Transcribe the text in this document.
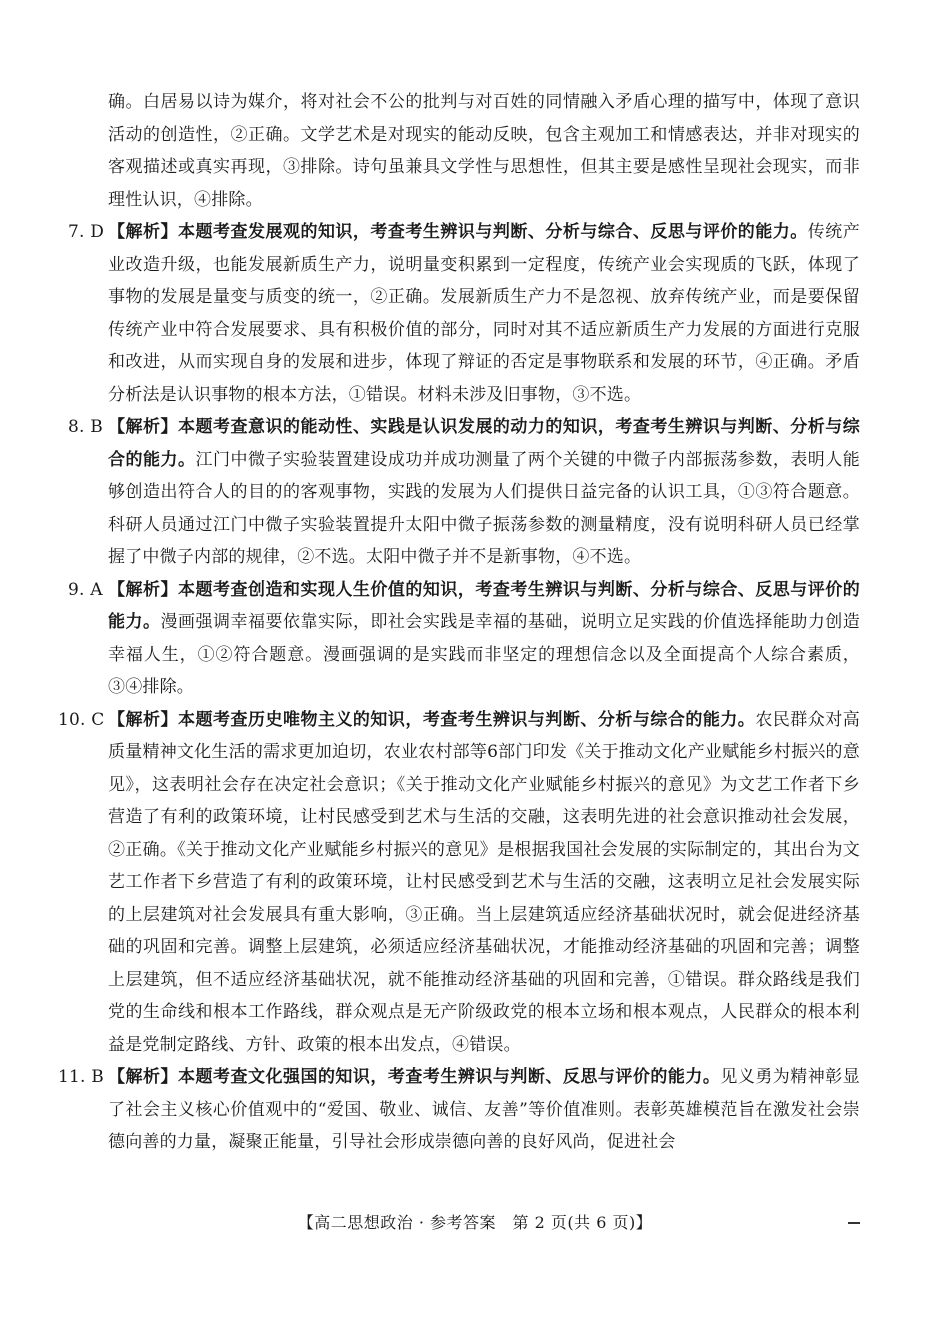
确。白居易以诗为媒介，将对社会不公的批判与对百姓的同情融入矛盾心理的描写中，体现了意识活动的创造性，②正确。文学艺术是对现实的能动反映，包含主观加工和情感表达，并非对现实的客观描述或真实再现，③排除。诗句虽兼具文学性与思想性，但其主要是感性呈现社会现实，而非理性认识，④排除。

7. D 【解析】本题考查发展观的知识，考查考生辨识与判断、分析与综合、反思与评价的能力。传统产业改造升级，也能发展新质生产力，说明量变积累到一定程度，传统产业会实现质的飞跃，体现了事物的发展是量变与质变的统一，②正确。发展新质生产力不是忽视、放弃传统产业，而是要保留传统产业中符合发展要求、具有积极价值的部分，同时对其不适应新质生产力发展的方面进行克服和改进，从而实现自身的发展和进步，体现了辩证的否定是事物联系和发展的环节，④正确。矛盾分析法是认识事物的根本方法，①错误。材料未涉及旧事物，③不选。

8. B 【解析】本题考查意识的能动性、实践是认识发展的动力的知识，考查考生辨识与判断、分析与综合的能力。江门中微子实验装置建设成功并成功测量了两个关键的中微子内部振荡参数，表明人能够创造出符合人的目的的客观事物，实践的发展为人们提供日益完备的认识工具，①③符合题意。科研人员通过江门中微子实验装置提升太阳中微子振荡参数的测量精度，没有说明科研人员已经掌握了中微子内部的规律，②不选。太阳中微子并不是新事物，④不选。

9. A 【解析】本题考查创造和实现人生价值的知识，考查考生辨识与判断、分析与综合、反思与评价的能力。漫画强调幸福要依靠实际，即社会实践是幸福的基础，说明立足实践的价值选择能助力创造幸福人生，①②符合题意。漫画强调的是实践而非坚定的理想信念以及全面提高个人综合素质，③④排除。

10. C 【解析】本题考查历史唯物主义的知识，考查考生辨识与判断、分析与综合的能力。农民群众对高质量精神文化生活的需求更加迫切，农业农村部等6部门印发《关于推动文化产业赋能乡村振兴的意见》，这表明社会存在决定社会意识；《关于推动文化产业赋能乡村振兴的意见》为文艺工作者下乡营造了有利的政策环境，让村民感受到艺术与生活的交融，这表明先进的社会意识推动社会发展，②正确。《关于推动文化产业赋能乡村振兴的意见》是根据我国社会发展的实际制定的，其出台为文艺工作者下乡营造了有利的政策环境，让村民感受到艺术与生活的交融，这表明立足社会发展实际的上层建筑对社会发展具有重大影响，③正确。当上层建筑适应经济基础状况时，就会促进经济基础的巩固和完善。调整上层建筑，必须适应经济基础状况，才能推动经济基础的巩固和完善；调整上层建筑，但不适应经济基础状况，就不能推动经济基础的巩固和完善，①错误。群众路线是我们党的生命线和根本工作路线，群众观点是无产阶级政党的根本立场和根本观点，人民群众的根本利益是党制定路线、方针、政策的根本出发点，④错误。

11. B 【解析】本题考查文化强国的知识，考查考生辨识与判断、反思与评价的能力。见义勇为精神彰显了社会主义核心价值观中的“爱国、敬业、诚信、友善”等价值准则。表彰英雄模范旨在激发社会崇德向善的力量，凝聚正能量，引导社会形成崇德向善的良好风尚，促进社会

【高二思想政治 · 参考答案　第 2 页(共 6 页)】
